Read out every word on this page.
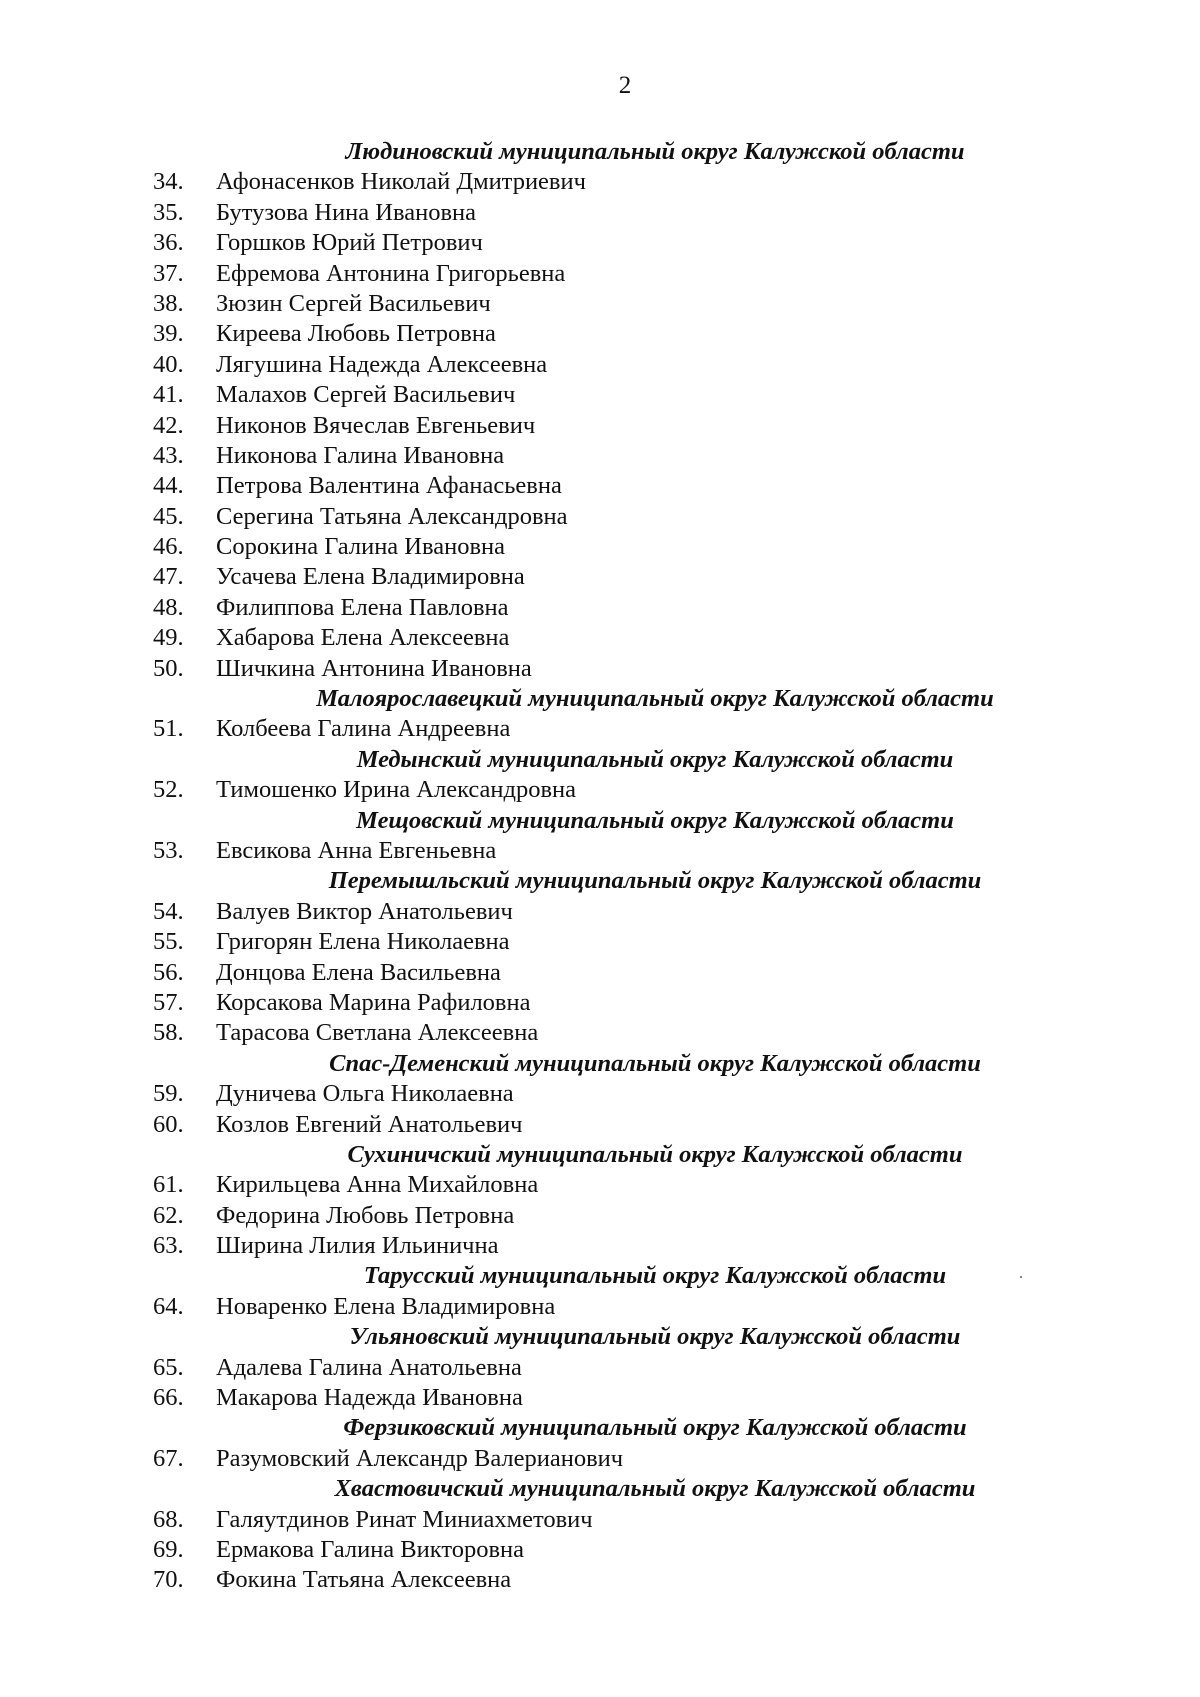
2
Людиновский муниципальный округ Калужской области
34. Афонасенков Николай Дмитриевич
35. Бутузова Нина Ивановна
36. Горшков Юрий Петрович
37. Ефремова Антонина Григорьевна
38. Зюзин Сергей Васильевич
39. Киреева Любовь Петровна
40. Лягушина Надежда Алексеевна
41. Малахов Сергей Васильевич
42. Никонов Вячеслав Евгеньевич
43. Никонова Галина Ивановна
44. Петрова Валентина Афанасьевна
45. Серегина Татьяна Александровна
46. Сорокина Галина Ивановна
47. Усачева Елена Владимировна
48. Филиппова Елена Павловна
49. Хабарова Елена Алексеевна
50. Шичкина Антонина Ивановна
Малоярославецкий муниципальный округ Калужской области
51. Колбеева Галина Андреевна
Медынский муниципальный округ Калужской области
52. Тимошенко Ирина Александровна
Мещовский муниципальный округ Калужской области
53. Евсикова Анна Евгеньевна
Перемышльский муниципальный округ Калужской области
54. Валуев Виктор Анатольевич
55. Григорян Елена Николаевна
56. Донцова Елена Васильевна
57. Корсакова Марина Рафиловна
58. Тарасова Светлана Алексеевна
Спас-Деменский муниципальный округ Калужской области
59. Дуничева Ольга Николаевна
60. Козлов Евгений Анатольевич
Сухиничский муниципальный округ Калужской области
61. Кирильцева Анна Михайловна
62. Федорина Любовь Петровна
63. Ширина Лилия Ильинична
Тарусский муниципальный округ Калужской области
64. Новаренко Елена Владимировна
Ульяновский муниципальный округ Калужской области
65. Адалева Галина Анатольевна
66. Макарова Надежда Ивановна
Ферзиковский муниципальный округ Калужской области
67. Разумовский Александр Валерианович
Хвастовичский муниципальный округ Калужской области
68. Галяутдинов Ринат Миниахметович
69. Ермакова Галина Викторовна
70. Фокина Татьяна Алексеевна
